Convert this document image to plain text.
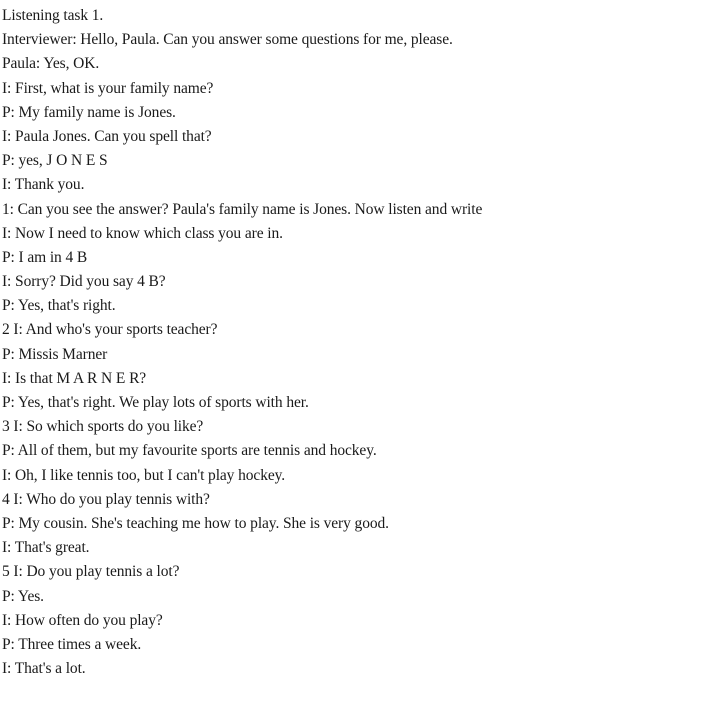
Listening task 1.
Interviewer: Hello, Paula. Can you answer some questions for me, please.
Paula: Yes, OK.
I: First, what is your family name?
P: My family name is Jones.
I: Paula Jones. Can you spell that?
P: yes, J O N E S
I: Thank you.
1: Can you see the answer? Paula's family name is Jones. Now listen and write
I: Now I need to know which class you are in.
P: I am in 4 B
I: Sorry? Did you say 4 B?
P: Yes, that's right.
2 I: And who's your sports teacher?
P: Missis Marner
I: Is that M A R N E R?
P: Yes, that's right. We play lots of sports with her.
3 I: So which sports do you like?
P: All of them, but my favourite sports are tennis and hockey.
I: Oh, I like tennis too, but I can't play hockey.
4 I: Who do you play tennis with?
P: My cousin. She's teaching me how to play. She is very good.
I: That's great.
5 I: Do you play tennis a lot?
P: Yes.
I: How often do you play?
P: Three times a week.
I: That's a lot.
